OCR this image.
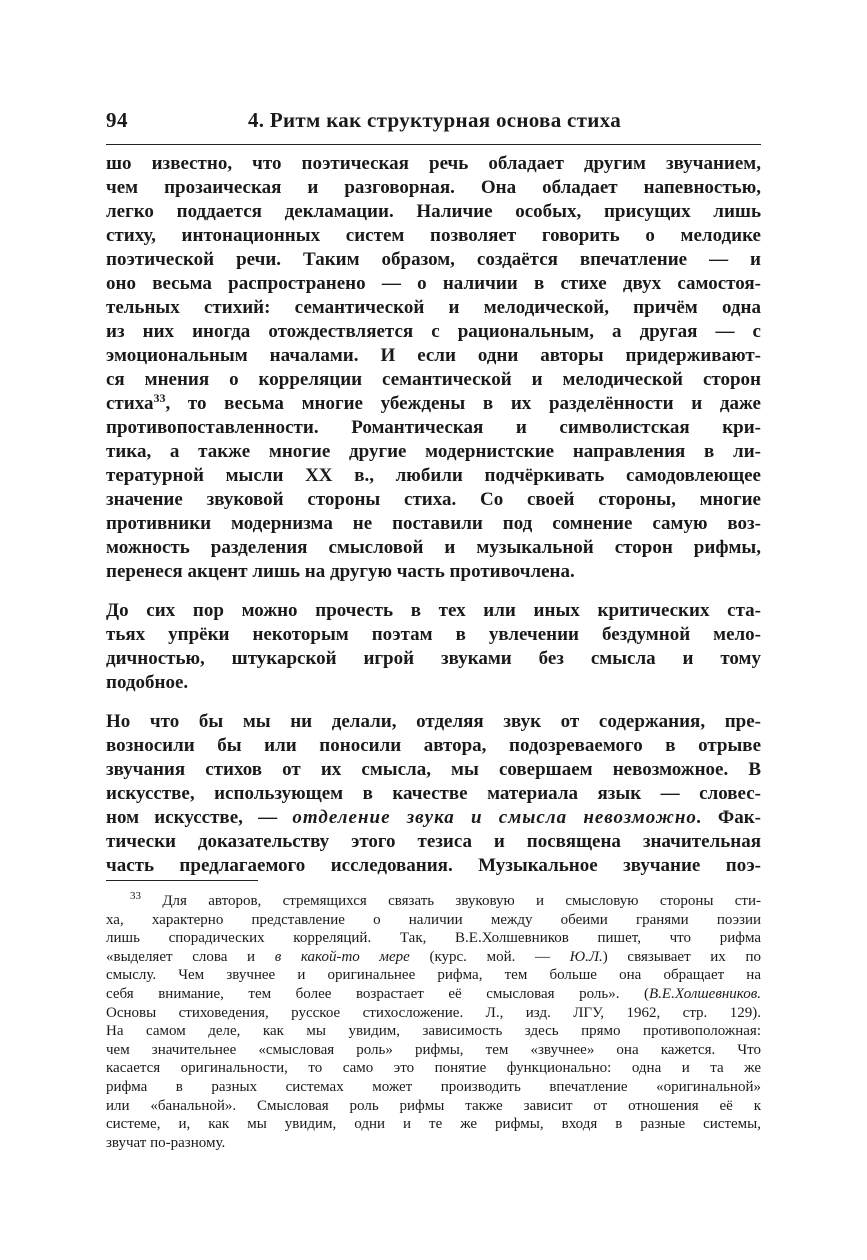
94	4. Ритм как структурная основа стиха
шо известно, что поэтическая речь обладает другим звучанием,
чем прозаическая и разговорная. Она обладает напевностью,
легко поддается декламации. Наличие особых, присущих лишь
стиху, интонационных систем позволяет говорить о мелодике
поэтической речи. Таким образом, создаётся впечатление — и
оно весьма распространено — о наличии в стихе двух самостоя-
тельных стихий: семантической и мелодической, причём одна
из них иногда отождествляется с рациональным, а другая — с
эмоциональным началами. И если одни авторы придерживают-
ся мнения о корреляции семантической и мелодической сторон
стиха$^{33}$, то весьма многие убеждены в их разделённости и даже
противопоставленности. Романтическая и символистская кри-
тика, а также многие другие модернистские направления в ли-
тературной мысли XX в., любили подчёркивать самодовлеющее
значение звуковой стороны стиха. Со своей стороны, многие
противники модернизма не поставили под сомнение самую воз-
можность разделения смысловой и музыкальной сторон рифмы,
перенеся акцент лишь на другую часть противочлена.
До сих пор можно прочесть в тех или иных критических ста-
тьях упрёки некоторым поэтам в увлечении бездумной мело-
дичностью, штукарской игрой звуками без смысла и тому
подобное.
Но что бы мы ни делали, отделяя звук от содержания, пре-
возносили бы или поносили автора, подозреваемого в отрыве
звучания стихов от их смысла, мы совершаем невозможное. В
искусстве, использующем в качестве материала язык — словес-
ном искусстве, — отделение звука и смысла невозможно. Фак-
тически доказательству этого тезиса и посвящена значительная
часть предлагаемого исследования. Музыкальное звучание поэ-
$^{33}$ Для авторов, стремящихся связать звуковую и смысловую стороны сти-
ха, характерно представление о наличии между обеими гранями поэзии
лишь спорадических корреляций. Так, В.Е.Холшевников пишет, что рифма
«выделяет слова и в какой-то мере (курс. мой. — Ю.Л.) связывает их по
смыслу. Чем звучнее и оригинальнее рифма, тем больше она обращает на
себя внимание, тем более возрастает её смысловая роль». (В.Е.Холшевников.
Основы стиховедения, русское стихосложение. Л., изд. ЛГУ, 1962, стр. 129).
На самом деле, как мы увидим, зависимость здесь прямо противоположная:
чем значительнее «смысловая роль» рифмы, тем «звучнее» она кажется. Что
касается оригинальности, то само это понятие функционально: одна и та же
рифма в разных системах может производить впечатление «оригинальной»
или «банальной». Смысловая роль рифмы также зависит от отношения её к
системе, и, как мы увидим, одни и те же рифмы, входя в разные системы,
звучат по-разному.
